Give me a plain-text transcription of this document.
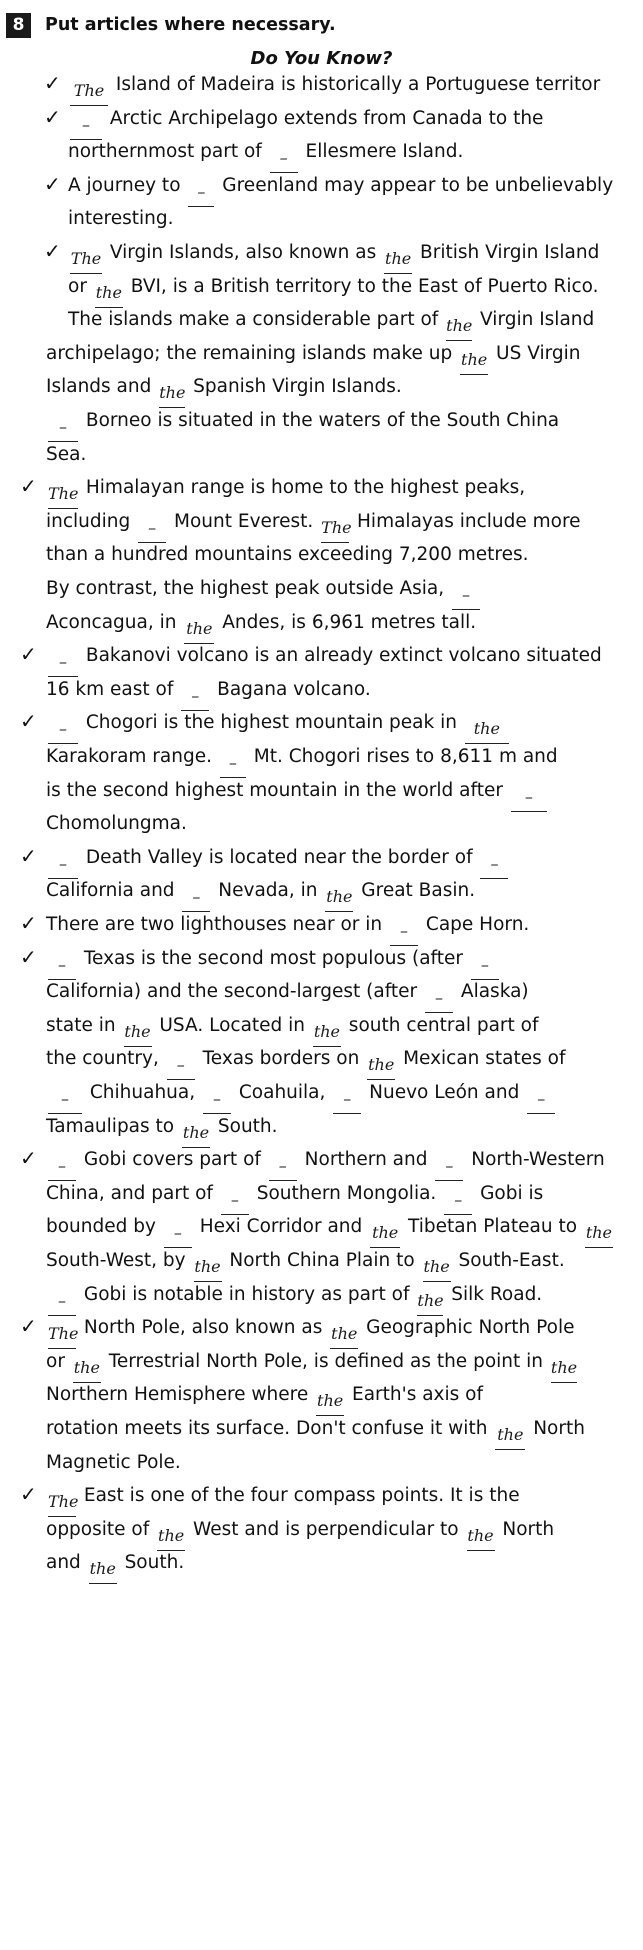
8	Put articles where necessary.
Do You Know?
✓ The Island of Madeira is historically a Portuguese territor
✓	– Arctic Archipelago extends from Canada to the
northernmost part of – Ellesmere Island.
✓ A journey to – Greenland may appear to be unbelievably
interesting.
✓ The Virgin Islands, also known as the British Virgin Island
or the BVI, is a British territory to the East of Puerto Rico.
The islands make a considerable part of the Virgin Island
archipelago; the remaining islands make up the US Virgin
Islands and the Spanish Virgin Islands.
– Borneo is situated in the waters of the South China
Sea.
✓ The Himalayan range is home to the highest peaks,
including – Mount Everest. The Himalayas include more
than a hundred mountains exceeding 7,200 metres.
By contrast, the highest peak outside Asia, –
Aconcagua, in the Andes, is 6,961 metres tall.
✓	– Bakanovi volcano is an already extinct volcano situated
16 km east of – Bagana volcano.
✓	– Chogori is the highest mountain peak in the
Karakoram range. – Mt. Chogori rises to 8,611 m and
is the second highest mountain in the world after –
Chomolungma.
✓	– Death Valley is located near the border of –
California and – Nevada, in the Great Basin.
✓ There are two lighthouses near or in – Cape Horn.
✓	– Texas is the second most populous (after –
California) and the second-largest (after – Alaska)
state in the USA. Located in the south central part of
the country, – Texas borders on the Mexican states of
– Chihuahua, – Coahuila, – Nuevo León and –
Tamaulipas to the South.
✓	– Gobi covers part of – Northern and – North-Western
China, and part of – Southern Mongolia. – Gobi is
bounded by – Hexi Corridor and the Tibetan Plateau to the
South-West, by the North China Plain to the South-East.
– Gobi is notable in history as part of the Silk Road.
✓ The North Pole, also known as the Geographic North Pole
or the Terrestrial North Pole, is defined as the point in the
Northern Hemisphere where the Earth's axis of
rotation meets its surface. Don't confuse it with the North
Magnetic Pole.
✓ The East is one of the four compass points. It is the
opposite of the West and is perpendicular to the North
and the South.
